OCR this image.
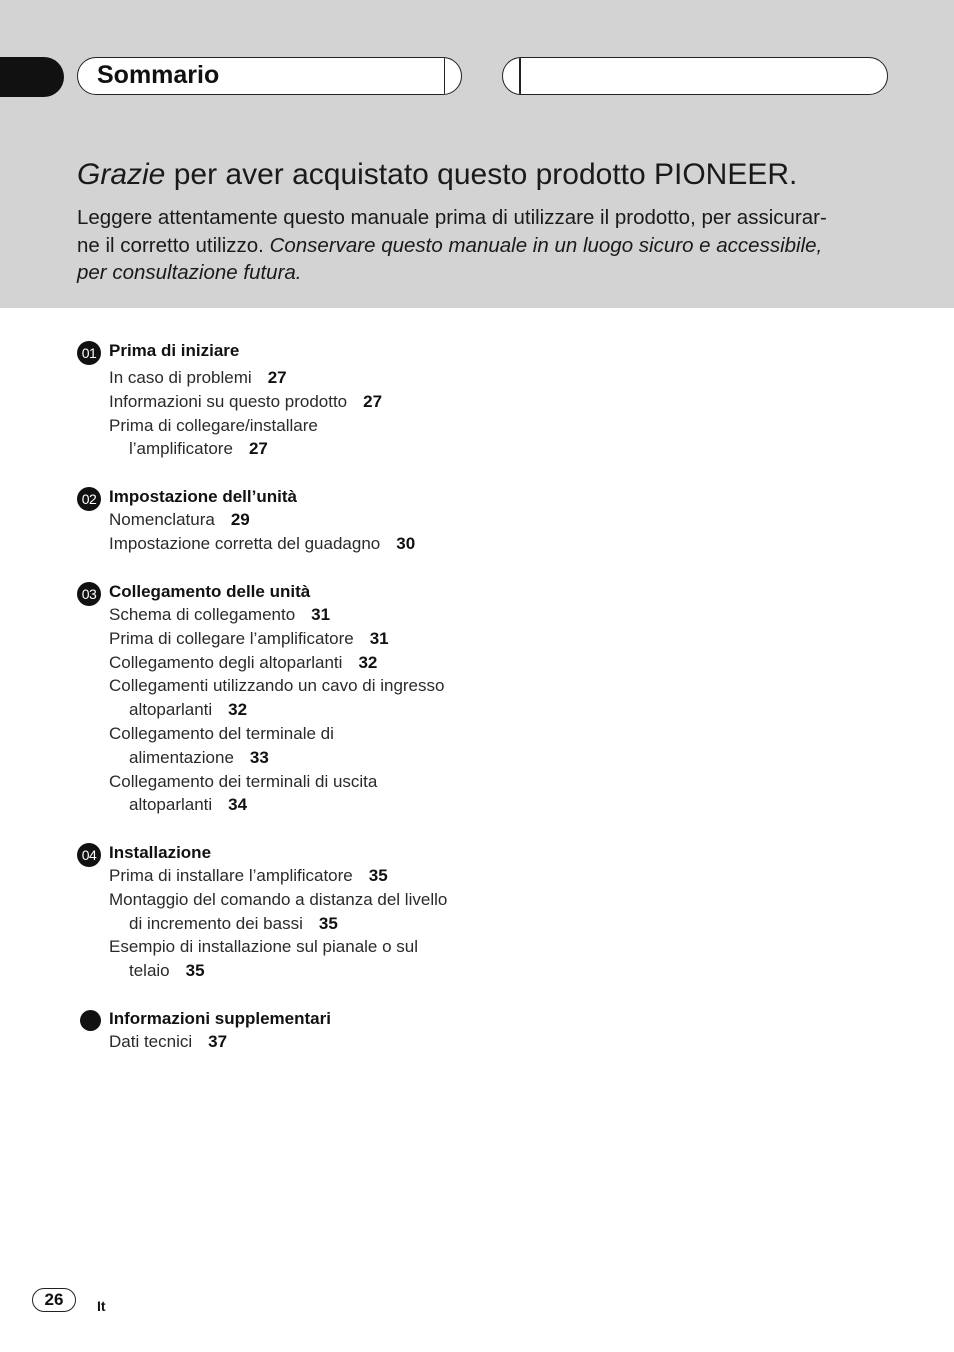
Sommario
Grazie per aver acquistato questo prodotto PIONEER.
Leggere attentamente questo manuale prima di utilizzare il prodotto, per assicurar-
ne il corretto utilizzo. Conservare questo manuale in un luogo sicuro e accessibile,
per consultazione futura.
01 Prima di iniziare
In caso di problemi 27
Informazioni su questo prodotto 27
Prima di collegare/installare
l’amplificatore 27
02 Impostazione dell’unità
Nomenclatura 29
Impostazione corretta del guadagno 30
03 Collegamento delle unità
Schema di collegamento 31
Prima di collegare l’amplificatore 31
Collegamento degli altoparlanti 32
Collegamenti utilizzando un cavo di ingresso
altoparlanti 32
Collegamento del terminale di
alimentazione 33
Collegamento dei terminali di uscita
altoparlanti 34
04 Installazione
Prima di installare l’amplificatore 35
Montaggio del comando a distanza del livello
di incremento dei bassi 35
Esempio di installazione sul pianale o sul
telaio 35
Informazioni supplementari
Dati tecnici 37
26	It
